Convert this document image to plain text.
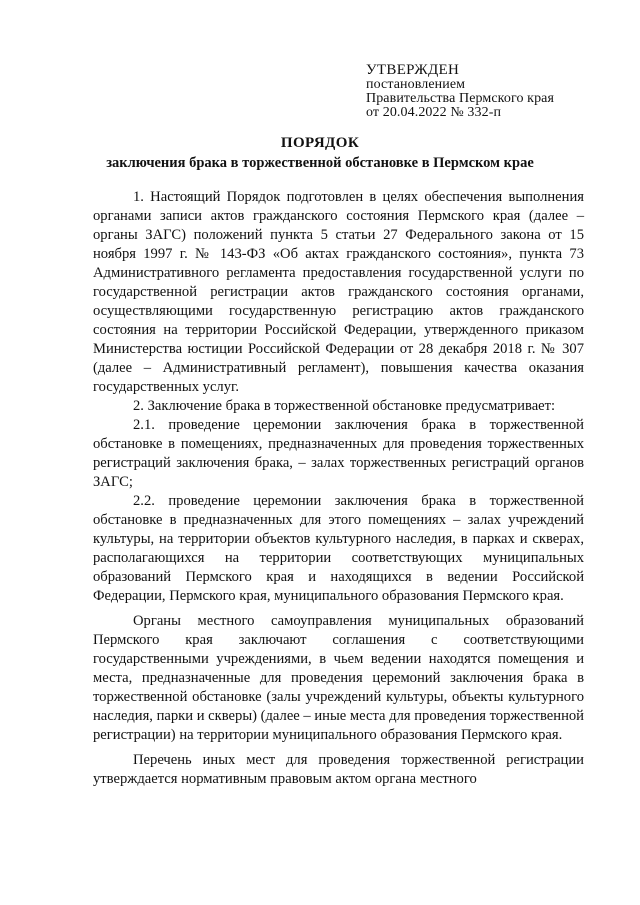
УТВЕРЖДЕН
постановлением
Правительства Пермского края
от 20.04.2022 № 332-п
ПОРЯДОК
заключения брака в торжественной обстановке в Пермском крае

1. Настоящий Порядок подготовлен в целях обеспечения выполнения органами записи актов гражданского состояния Пермского края (далее – органы ЗАГС) положений пункта 5 статьи 27 Федерального закона от 15 ноября 1997 г. № 143-ФЗ «Об актах гражданского состояния», пункта 73 Административного регламента предоставления государственной услуги по государственной регистрации актов гражданского состояния органами, осуществляющими государственную регистрацию актов гражданского состояния на территории Российской Федерации, утвержденного приказом Министерства юстиции Российской Федерации от 28 декабря 2018 г. № 307 (далее – Административный регламент), повышения качества оказания государственных услуг.

2. Заключение брака в торжественной обстановке предусматривает:

2.1. проведение церемонии заключения брака в торжественной обстановке в помещениях, предназначенных для проведения торжественных регистраций заключения брака, – залах торжественных регистраций органов ЗАГС;

2.2. проведение церемонии заключения брака в торжественной обстановке в предназначенных для этого помещениях – залах учреждений культуры, на территории объектов культурного наследия, в парках и скверах, располагающихся на территории соответствующих муниципальных образований Пермского края и находящихся в ведении Российской Федерации, Пермского края, муниципального образования Пермского края.

Органы местного самоуправления муниципальных образований Пермского края заключают соглашения с соответствующими государственными учреждениями, в чьем ведении находятся помещения и места, предназначенные для проведения церемоний заключения брака в торжественной обстановке (залы учреждений культуры, объекты культурного наследия, парки и скверы) (далее – иные места для проведения торжественной регистрации) на территории муниципального образования Пермского края.

Перечень иных мест для проведения торжественной регистрации утверждается нормативным правовым актом органа местного
